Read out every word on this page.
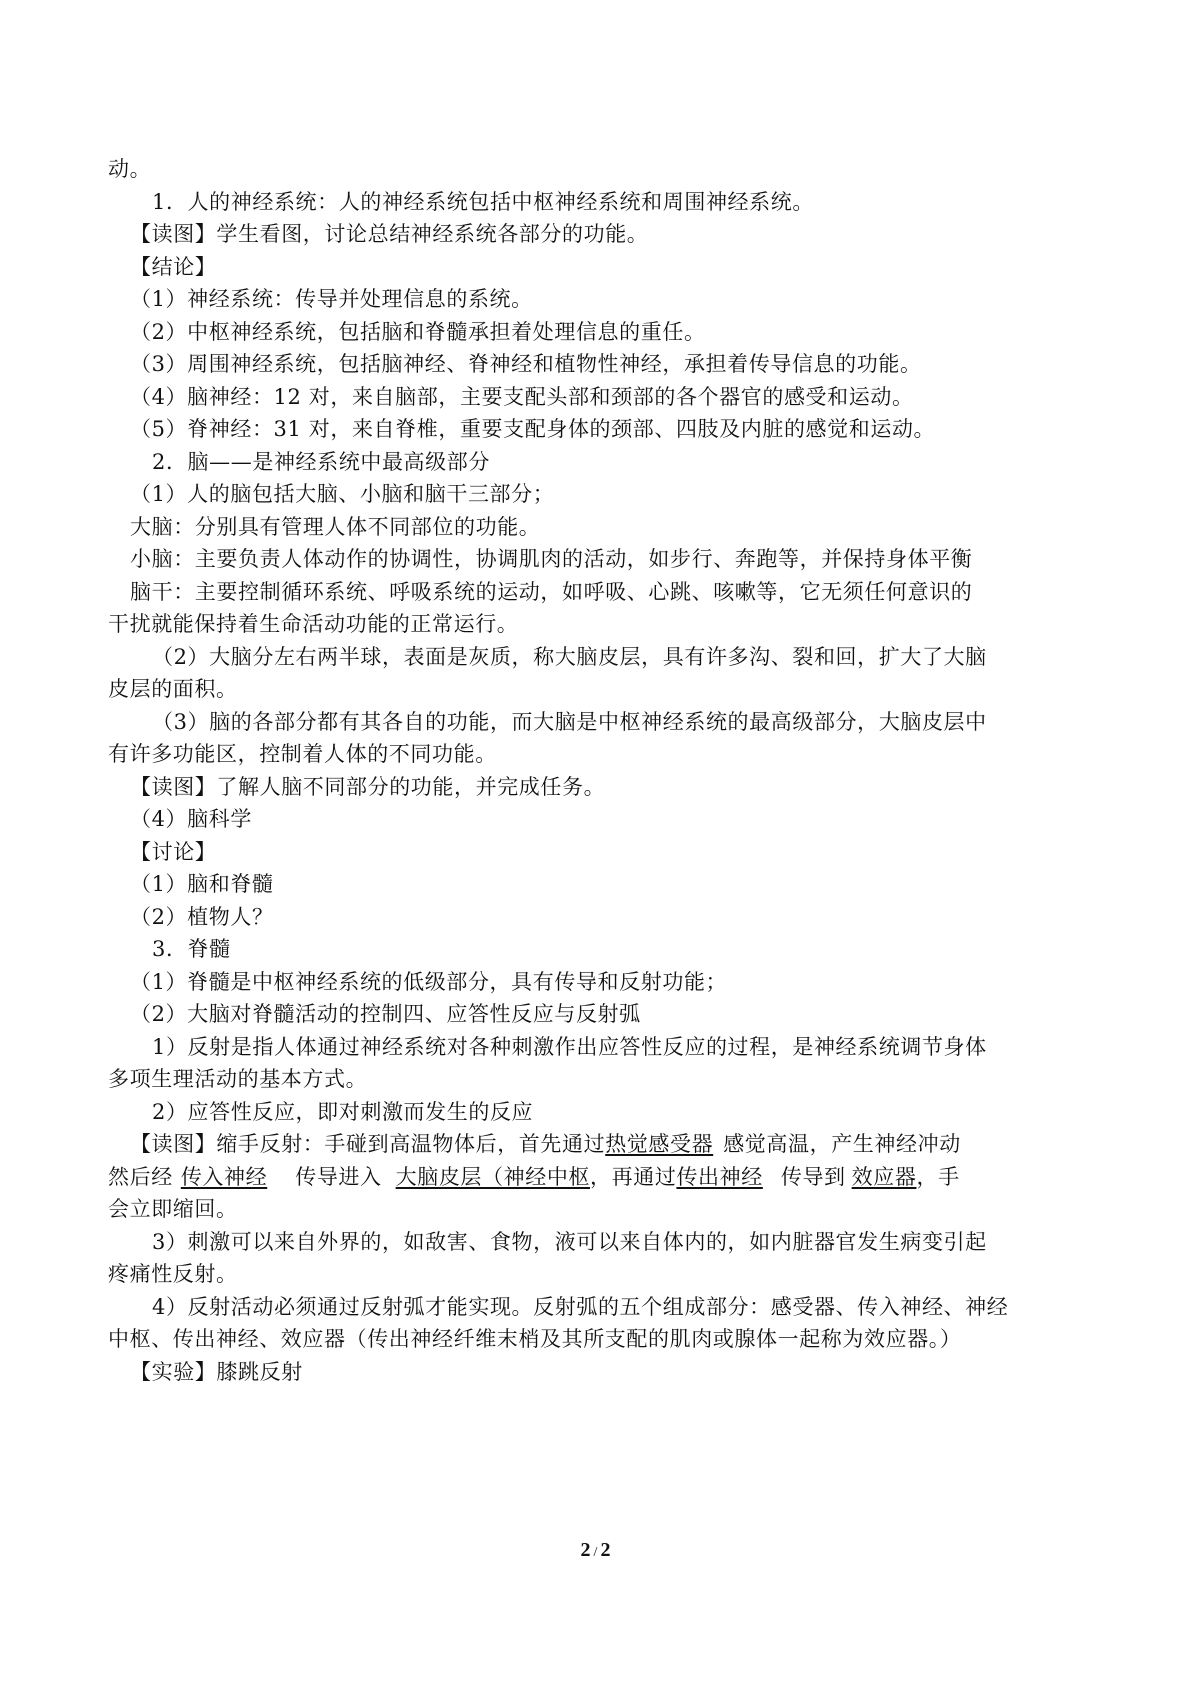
动。
1．人的神经系统：人的神经系统包括中枢神经系统和周围神经系统。
【读图】学生看图，讨论总结神经系统各部分的功能。
【结论】
（1）神经系统：传导并处理信息的系统。
（2）中枢神经系统，包括脑和脊髓承担着处理信息的重任。
（3）周围神经系统，包括脑神经、脊神经和植物性神经，承担着传导信息的功能。
（4）脑神经：12 对，来自脑部，主要支配头部和颈部的各个器官的感受和运动。
（5）脊神经：31 对，来自脊椎，重要支配身体的颈部、四肢及内脏的感觉和运动。
2．脑——是神经系统中最高级部分
（1）人的脑包括大脑、小脑和脑干三部分；
大脑：分别具有管理人体不同部位的功能。
小脑：主要负责人体动作的协调性，协调肌肉的活动，如步行、奔跑等，并保持身体平衡
脑干：主要控制循环系统、呼吸系统的运动，如呼吸、心跳、咳嗽等，它无须任何意识的
干扰就能保持着生命活动功能的正常运行。
（2）大脑分左右两半球，表面是灰质，称大脑皮层，具有许多沟、裂和回，扩大了大脑
皮层的面积。
（3）脑的各部分都有其各自的功能，而大脑是中枢神经系统的最高级部分，大脑皮层中
有许多功能区，控制着人体的不同功能。
【读图】了解人脑不同部分的功能，并完成任务。
（4）脑科学
【讨论】
（1）脑和脊髓
（2）植物人？
3．脊髓
（1）脊髓是中枢神经系统的低级部分，具有传导和反射功能；
（2）大脑对脊髓活动的控制四、应答性反应与反射弧
1）反射是指人体通过神经系统对各种刺激作出应答性反应的过程，是神经系统调节身体
多项生理活动的基本方式。
2）应答性反应，即对刺激而发生的反应
【读图】缩手反射：手碰到高温物体后，首先通过热觉感受器 感觉高温，产生神经冲动
然后经 传入神经 传导进入 大脑皮层（神经中枢，再通过传出神经 传导到 效应器，手
会立即缩回。
3）刺激可以来自外界的，如敌害、食物，液可以来自体内的，如内脏器官发生病变引起
疼痛性反射。
4）反射活动必须通过反射弧才能实现。反射弧的五个组成部分：感受器、传入神经、神经
中枢、传出神经、效应器（传出神经纤维末梢及其所支配的肌肉或腺体一起称为效应器。）
【实验】膝跳反射
2 / 2
